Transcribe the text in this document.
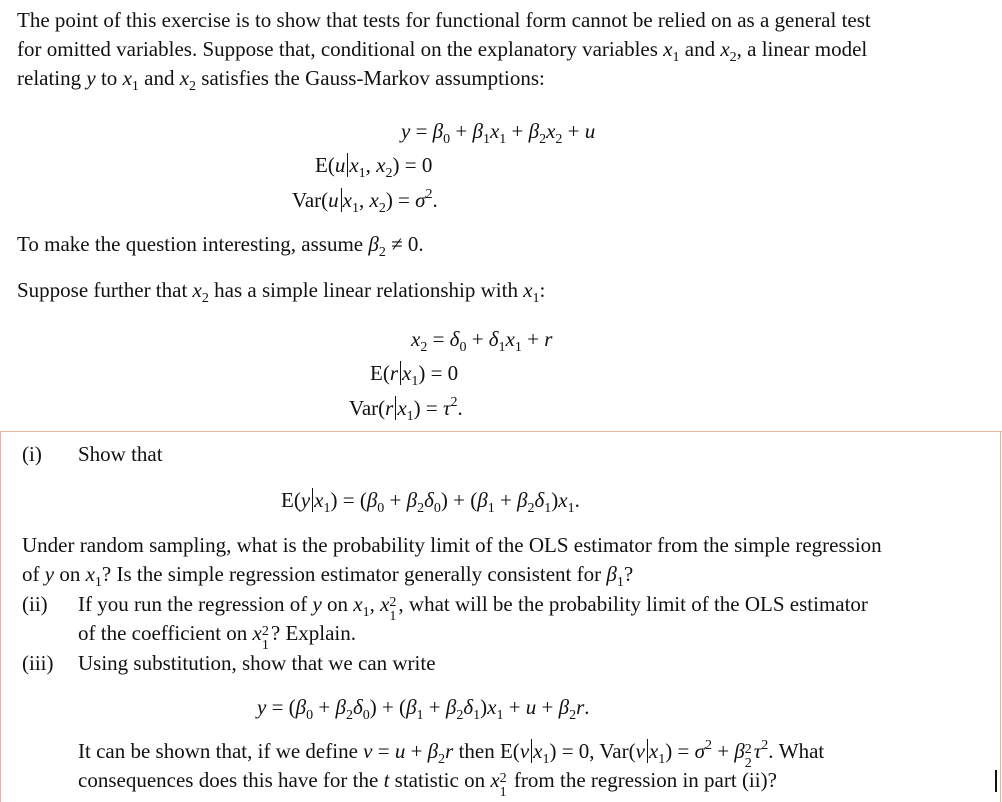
The point of this exercise is to show that tests for functional form cannot be relied on as a general test
for omitted variables. Suppose that, conditional on the explanatory variables $x_1$ and $x_2$, a linear model
relating y to $x_1$ and $x_2$ satisfies the Gauss-Markov assumptions:

$y = \beta_0 + \beta_1x_1 + \beta_2x_2 + u$
E(u $x_1$, $x_2) = 0$
Var(u $x_1$, $x_2) = \sigma^2$.

To make the question interesting, assume $\beta_2 \ne 0$.

Suppose further that $x_2$ has a simple linear relationship with $x_1$:

$x_2 = \delta_0 + \delta_1x_1 + r$
E(r $x_1) = 0$
Var(r $x_1) = \tau^2$.
(i) Show that
E(y $x_1) = (\beta_0 + \beta_2\delta_0) + (\beta_1 + \beta_2\delta_1)x_1$.

Under random sampling, what is the probability limit of the OLS estimator from the simple regression
of y on $x_1$? Is the simple regression estimator generally consistent for $\beta_1$?

(ii) If you run the regression of y on $x_1$, x 2
1
, what will be the probability limit of the OLS estimator
of the coefficient on x 2
1
? Explain.

(iii) Using substitution, show that we can write
$y = (\beta_0 + \beta_2\delta_0) + (\beta_1 + \beta_2\delta_1)x_1 + u + \beta_2r$.

It can be shown that, if we define $v = u + \beta_2r$ then E(v $x_1) = 0$, Var(v $x_1) = \sigma^2 + \beta$ 2
2
$\tau^2$. What
consequences does this have for the t statistic on x 2
1
from the regression in part (ii)?
